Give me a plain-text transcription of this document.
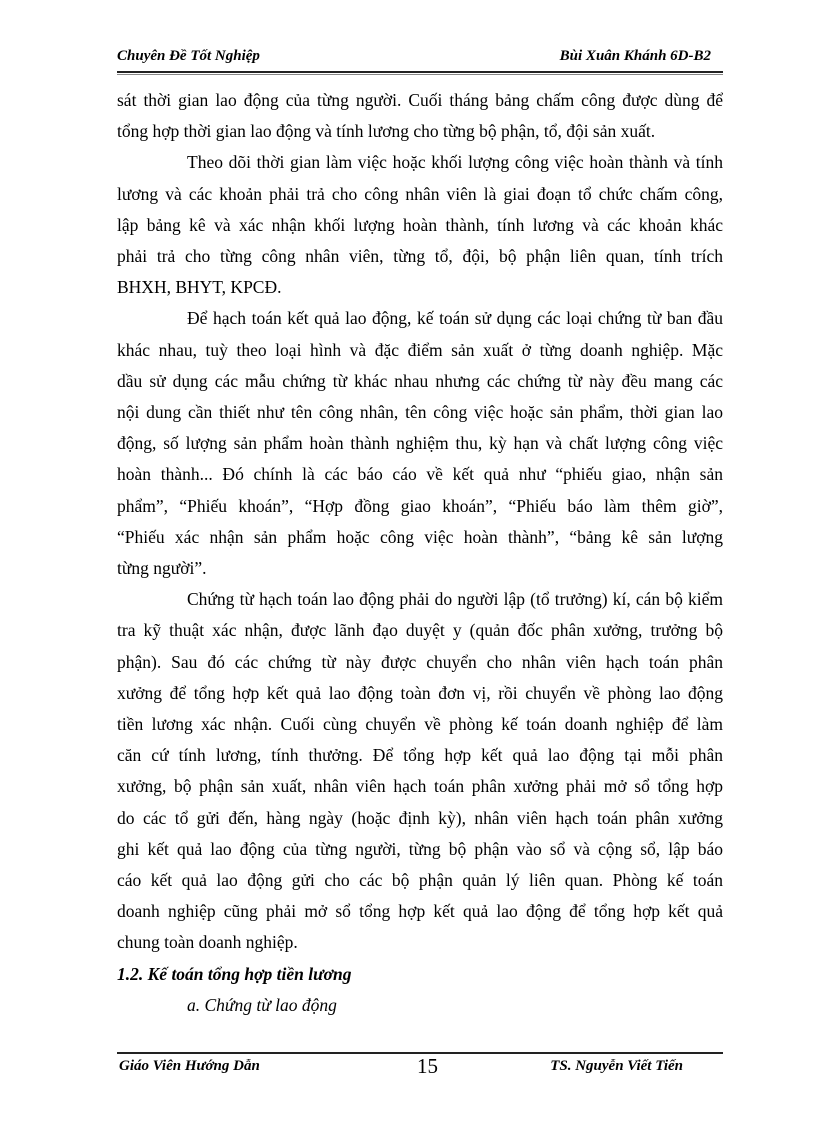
Chuyên Đề Tốt Nghiệp	Bùi Xuân Khánh 6D-B2
sát thời gian lao động của từng người. Cuối tháng bảng chấm công được dùng để
tổng hợp thời gian lao động và tính lương cho từng bộ phận, tổ, đội sản xuất.
Theo dõi thời gian làm việc hoặc khối lượng công việc hoàn thành và tính
lương và các khoản phải trả cho công nhân viên là giai đoạn tổ chức chấm công,
lập bảng kê và xác nhận khối lượng hoàn thành, tính lương và các khoản khác
phải trả cho từng công nhân viên, từng tổ, đội, bộ phận liên quan, tính trích
BHXH, BHYT, KPCĐ.
Để hạch toán kết quả lao động, kế toán sử dụng các loại chứng từ ban đầu
khác nhau, tuỳ theo loại hình và đặc điểm sản xuất ở từng doanh nghiệp. Mặc
dầu sử dụng các mẫu chứng từ khác nhau nhưng các chứng từ này đều mang các
nội dung cần thiết như tên công nhân, tên công việc hoặc sản phẩm, thời gian lao
động, số lượng sản phẩm hoàn thành nghiệm thu, kỳ hạn và chất lượng công việc
hoàn thành... Đó chính là các báo cáo về kết quả như “phiếu giao, nhận sản
phẩm”, “Phiếu khoán”, “Hợp đồng giao khoán”, “Phiếu báo làm thêm giờ”,
“Phiếu xác nhận sản phẩm hoặc công việc hoàn thành”, “bảng kê sản lượng
từng người”.
Chứng từ hạch toán lao động phải do người lập (tổ trưởng) kí, cán bộ kiểm
tra kỹ thuật xác nhận, được lãnh đạo duyệt y (quản đốc phân xưởng, trưởng bộ
phận). Sau đó các chứng từ này được chuyển cho nhân viên hạch toán phân
xưởng để tổng hợp kết quả lao động toàn đơn vị, rồi chuyển về phòng lao động
tiền lương xác nhận. Cuối cùng chuyển về phòng kế toán doanh nghiệp để làm
căn cứ tính lương, tính thưởng. Để tổng hợp kết quả lao động tại mỗi phân
xưởng, bộ phận sản xuất, nhân viên hạch toán phân xưởng phải mở sổ tổng hợp
do các tổ gửi đến, hàng ngày (hoặc định kỳ), nhân viên hạch toán phân xưởng
ghi kết quả lao động của từng người, từng bộ phận vào sổ và cộng sổ, lập báo
cáo kết quả lao động gửi cho các bộ phận quản lý liên quan. Phòng kế toán
doanh nghiệp cũng phải mở sổ tổng hợp kết quả lao động để tổng hợp kết quả
chung toàn doanh nghiệp.
1.2. Kế toán tổng hợp tiền lương
a. Chứng từ lao động
Giáo Viên Hướng Dẫn	15	TS. Nguyễn Viết Tiến
